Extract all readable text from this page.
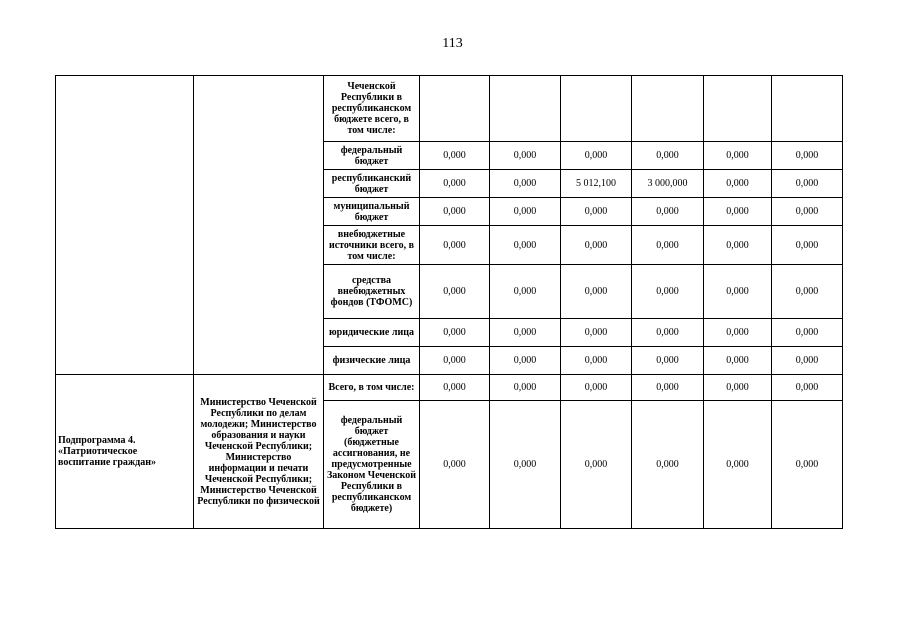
113
		Чеченской Республики в республиканском бюджете всего, в том числе:						
		федеральный бюджет	0,000	0,000	0,000	0,000	0,000	0,000
		республиканский бюджет	0,000	0,000	5 012,100	3 000,000	0,000	0,000
		муниципальный бюджет	0,000	0,000	0,000	0,000	0,000	0,000
		внебюджетные источники всего, в том числе:	0,000	0,000	0,000	0,000	0,000	0,000
		средства внебюджетных фондов (ТФОМС)	0,000	0,000	0,000	0,000	0,000	0,000
		юридические лица	0,000	0,000	0,000	0,000	0,000	0,000
		физические лица	0,000	0,000	0,000	0,000	0,000	0,000
Подпрограмма 4. «Патриотическое воспитание граждан»	Министерство Чеченской Республики по делам молодежи; Министерство образования и науки Чеченской Республики; Министерство информации и печати Чеченской Республики; Министерство Чеченской Республики по физической	Всего, в том числе:	0,000	0,000	0,000	0,000	0,000	0,000
		федеральный бюджет (бюджетные ассигнования, не предусмотренные Законом Чеченской Республики в республиканском бюджете)	0,000	0,000	0,000	0,000	0,000	0,000
